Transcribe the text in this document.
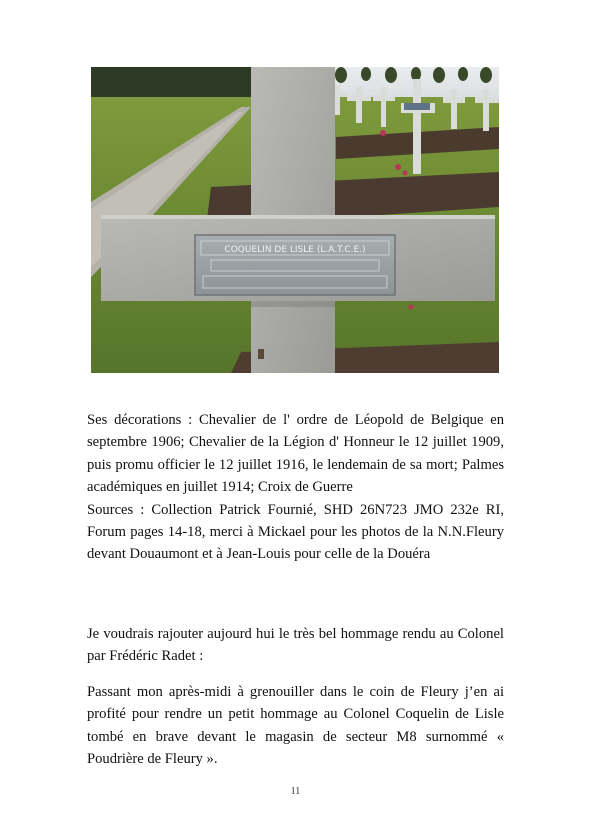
COQUELIN DE LISLE (L.A.T.C.E.)

Ses décorations : Chevalier de l' ordre de Léopold de Belgique en septembre 1906; Chevalier de la Légion d' Honneur le 12 juillet 1909, puis promu officier le 12 juillet 1916, le lendemain de sa mort; Palmes académiques en juillet 1914; Croix de Guerre

Sources : Collection Patrick Fournié, SHD 26N723 JMO 232e RI, Forum pages 14-18, merci à Mickael pour les photos de la N.N.Fleury devant Douaumont et à Jean-Louis pour celle de la Douéra

Je voudrais rajouter aujourd hui le très bel hommage rendu au Colonel par Frédéric Radet :

Passant mon après-midi à grenouiller dans le coin de Fleury j’en ai profité pour rendre un petit hommage au Colonel Coquelin de Lisle tombé en brave devant le magasin de secteur M8 surnommé « Poudrière de Fleury ».

11
